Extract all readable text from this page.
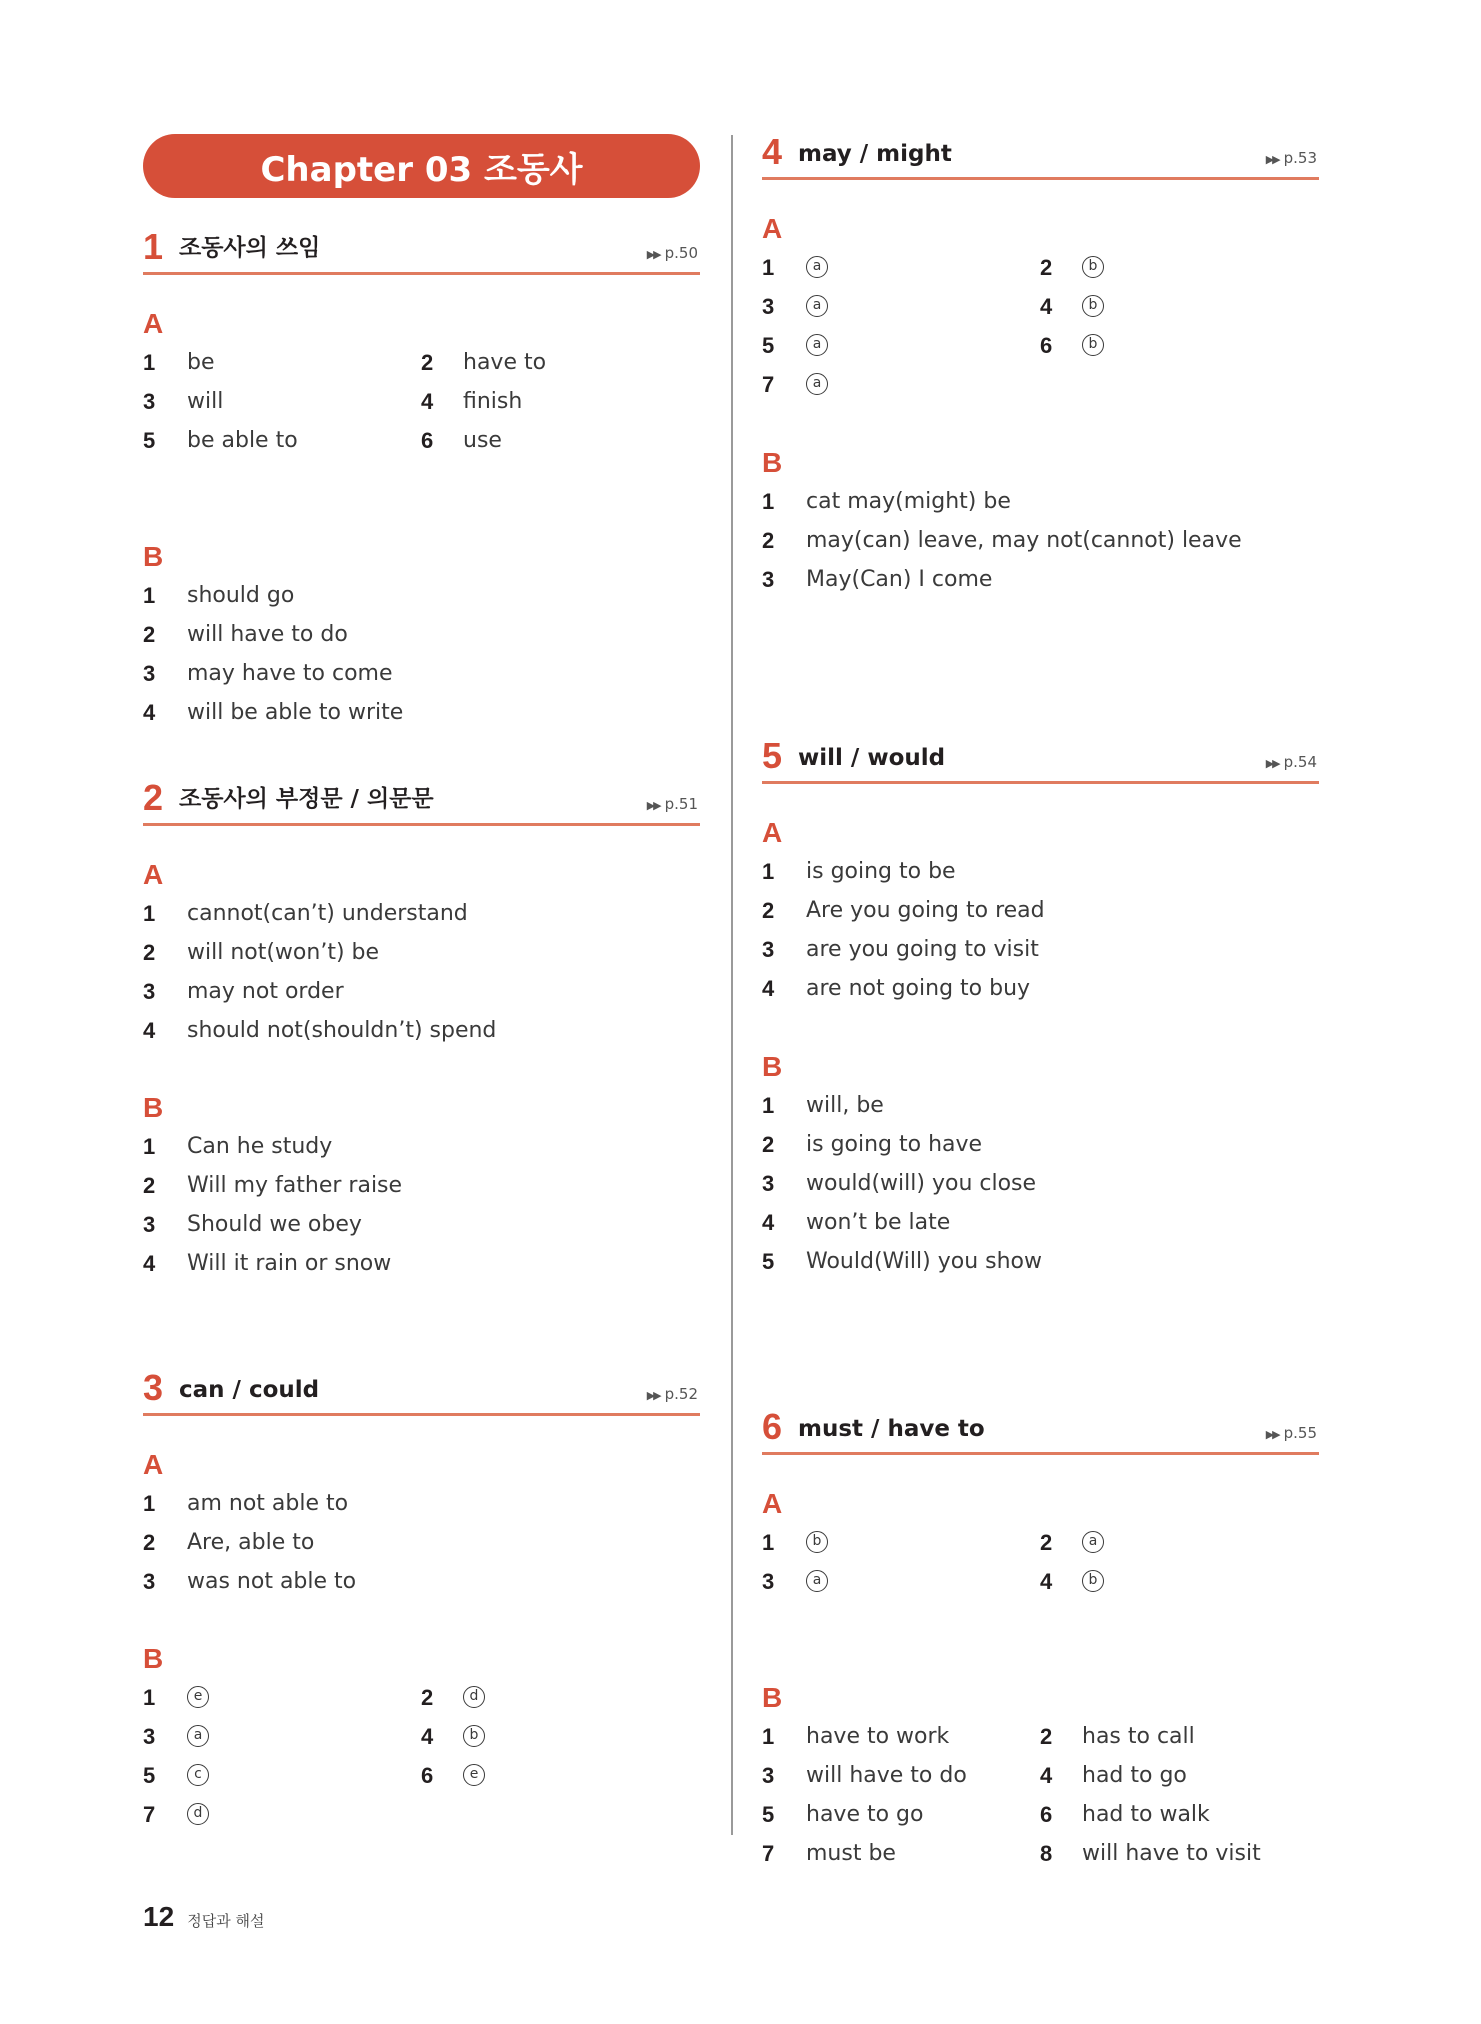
Chapter 03 조동사
1 조동사의 쓰임	▶▶ p.50
A
1	be	2	have to
3	will	4	finish
5	be able to	6	use
B
1	should go
2	will have to do
3	may have to come
4	will be able to write
2 조동사의 부정문 / 의문문	▶▶ p.51
A
1	cannot(can’t) understand
2	will not(won’t) be
3	may not order
4	should not(shouldn’t) spend
B
1	Can he study
2	Will my father raise
3	Should we obey
4	Will it rain or snow
3 can / could	▶▶ p.52
A
1	am not able to
2	Are, able to
3	was not able to
B
1	e	2	d
3	a	4	b
5	c	6	e
7	d
4 may / might	▶▶ p.53
A
1	a	2	b
3	a	4	b
5	a	6	b
7	a
B
1	cat may(might) be
2	may(can) leave, may not(cannot) leave
3	May(Can) I come
5 will / would	▶▶ p.54
A
1	is going to be
2	Are you going to read
3	are you going to visit
4	are not going to buy
B
1	will, be
2	is going to have
3	would(will) you close
4	won’t be late
5	Would(Will) you show
6 must / have to	▶▶ p.55
A
1	b	2	a
3	a	4	b
B
1	have to work	2	has to call
3	will have to do	4	had to go
5	have to go	6	had to walk
7	must be	8	will have to visit
12 정답과 해설
